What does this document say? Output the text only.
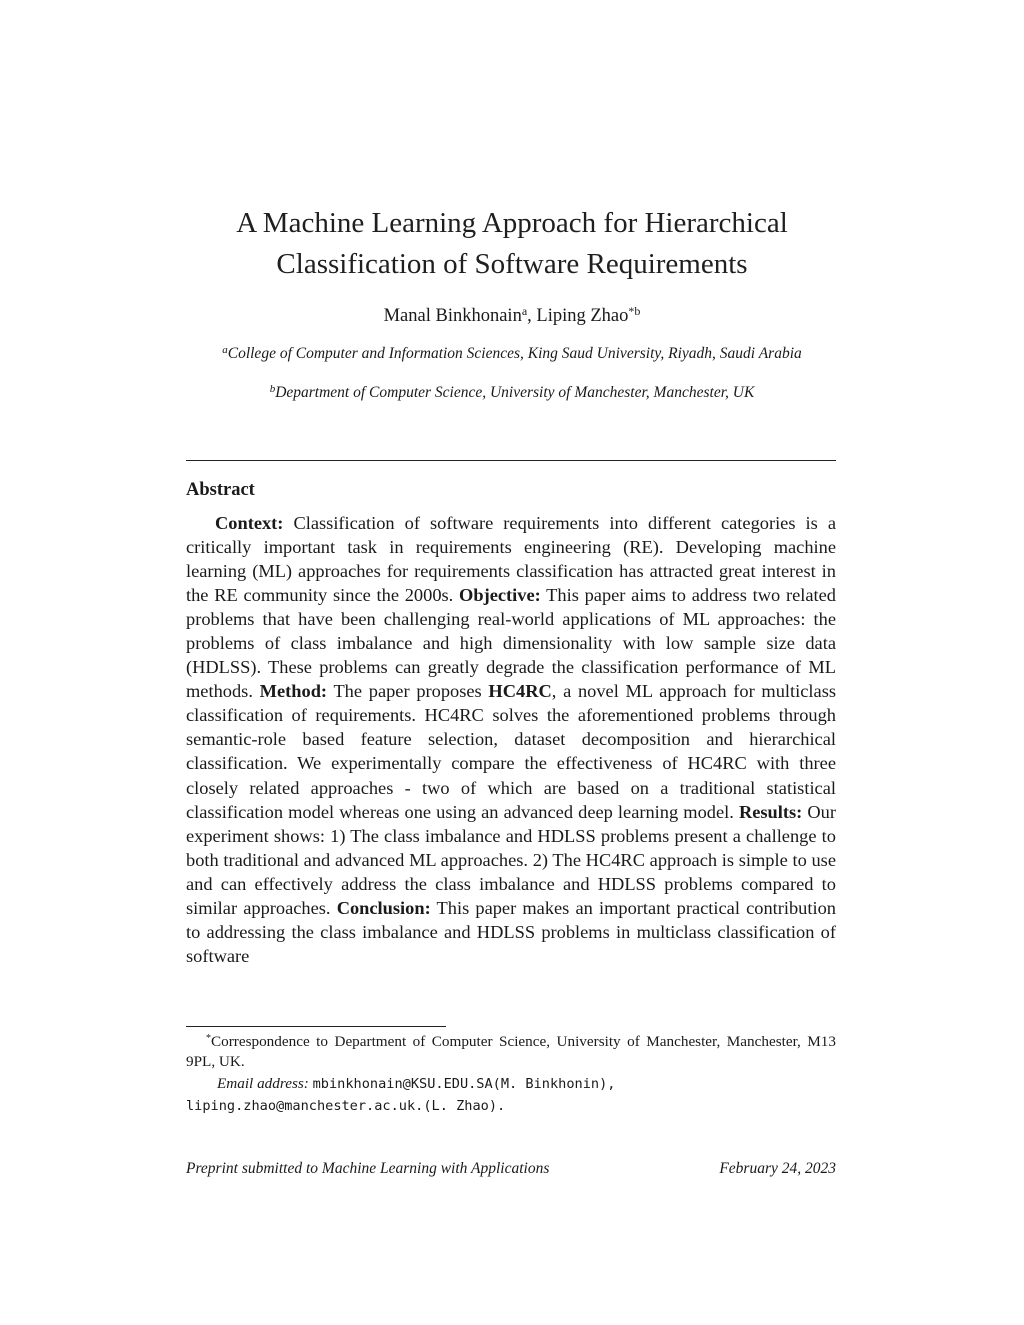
A Machine Learning Approach for Hierarchical
Classification of Software Requirements
Manal Binkhonain$^a$, Liping Zhao$^{*b}$
$^a$College of Computer and Information Sciences, King Saud University, Riyadh, Saudi Arabia
$^b$Department of Computer Science, University of Manchester, Manchester, UK
Abstract

Context: Classification of software requirements into different categories is a critically important task in requirements engineering (RE). Developing machine learning (ML) approaches for requirements classification has attracted great interest in the RE community since the 2000s. Objective: This paper aims to address two related problems that have been challenging real-world applications of ML approaches: the problems of class imbalance and high dimensionality with low sample size data (HDLSS). These problems can greatly degrade the classification performance of ML methods. Method: The paper proposes HC4RC, a novel ML approach for multiclass classification of requirements. HC4RC solves the aforementioned problems through semantic-role based feature selection, dataset decomposition and hierarchical classification. We experimentally compare the effectiveness of HC4RC with three closely related approaches - two of which are based on a traditional statistical classification model whereas one using an advanced deep learning model. Results: Our experiment shows: 1) The class imbalance and HDLSS problems present a challenge to both traditional and advanced ML approaches. 2) The HC4RC approach is simple to use and can effectively address the class imbalance and HDLSS problems compared to similar approaches. Conclusion: This paper makes an important practical contribution to addressing the class imbalance and HDLSS problems in multiclass classification of software

*Correspondence to Department of Computer Science, University of Manchester, Manchester, M13 9PL, UK.

Email address: mbinkhonain@KSU.EDU.SA(M. Binkhonin),
liping.zhao@manchester.ac.uk.(L. Zhao).

Preprint submitted to Machine Learning with Applications	February 24, 2023
